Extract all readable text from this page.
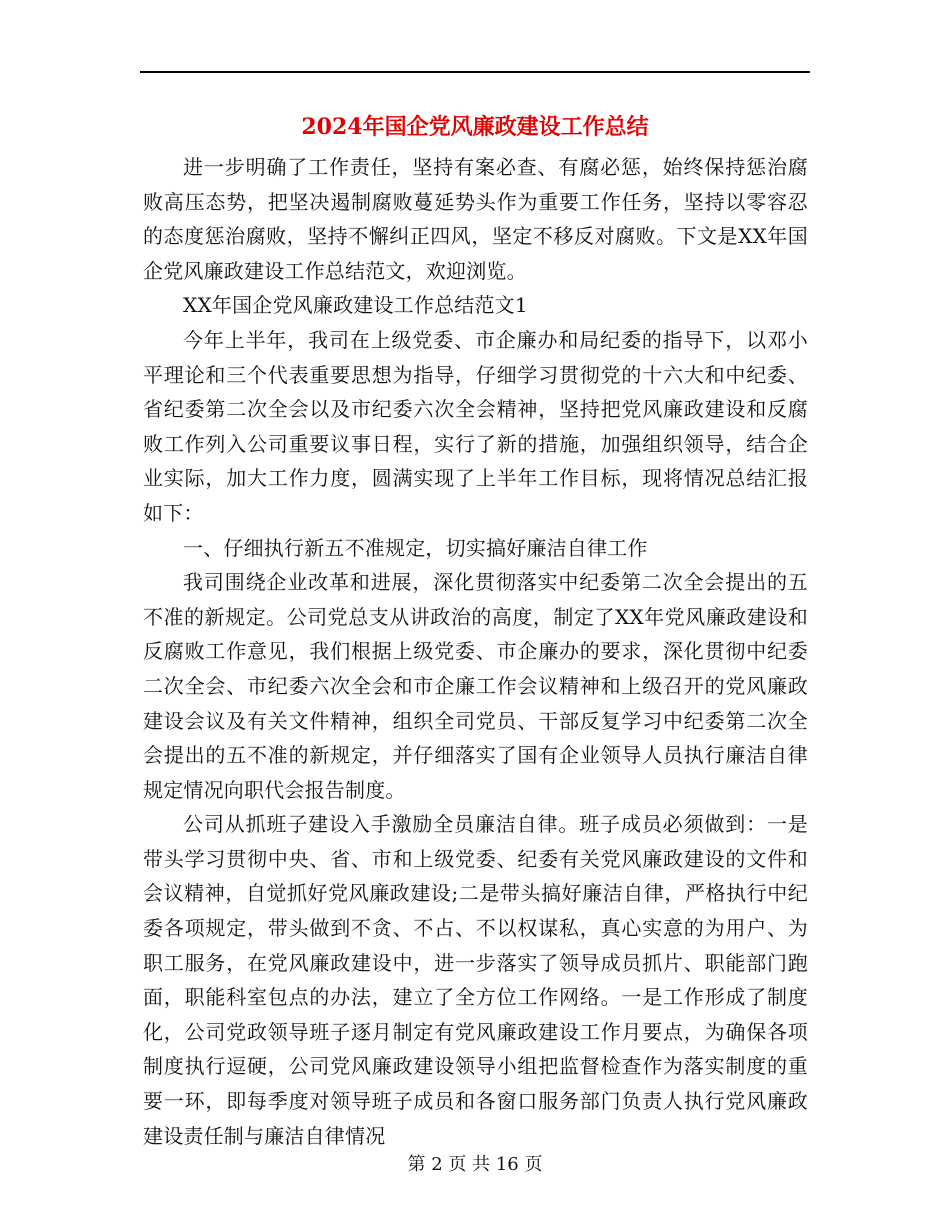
2024年国企党风廉政建设工作总结

进一步明确了工作责任，坚持有案必查、有腐必惩，始终保持惩治腐败高压态势，把坚决遏制腐败蔓延势头作为重要工作任务，坚持以零容忍的态度惩治腐败，坚持不懈纠正四风，坚定不移反对腐败。下文是XX年国企党风廉政建设工作总结范文，欢迎浏览。

XX年国企党风廉政建设工作总结范文1

今年上半年，我司在上级党委、市企廉办和局纪委的指导下，以邓小平理论和三个代表重要思想为指导，仔细学习贯彻党的十六大和中纪委、省纪委第二次全会以及市纪委六次全会精神，坚持把党风廉政建设和反腐败工作列入公司重要议事日程，实行了新的措施，加强组织领导，结合企业实际，加大工作力度，圆满实现了上半年工作目标，现将情况总结汇报如下：

一、仔细执行新五不准规定，切实搞好廉洁自律工作

我司围绕企业改革和进展，深化贯彻落实中纪委第二次全会提出的五不准的新规定。公司党总支从讲政治的高度，制定了XX年党风廉政建设和反腐败工作意见，我们根据上级党委、市企廉办的要求，深化贯彻中纪委二次全会、市纪委六次全会和市企廉工作会议精神和上级召开的党风廉政建设会议及有关文件精神，组织全司党员、干部反复学习中纪委第二次全会提出的五不准的新规定，并仔细落实了国有企业领导人员执行廉洁自律规定情况向职代会报告制度。

公司从抓班子建设入手激励全员廉洁自律。班子成员必须做到：一是带头学习贯彻中央、省、市和上级党委、纪委有关党风廉政建设的文件和会议精神，自觉抓好党风廉政建设;二是带头搞好廉洁自律，严格执行中纪委各项规定，带头做到不贪、不占、不以权谋私，真心实意的为用户、为职工服务，在党风廉政建设中，进一步落实了领导成员抓片、职能部门跑面，职能科室包点的办法，建立了全方位工作网络。一是工作形成了制度化，公司党政领导班子逐月制定有党风廉政建设工作月要点，为确保各项制度执行逗硬，公司党风廉政建设领导小组把监督检查作为落实制度的重要一环，即每季度对领导班子成员和各窗口服务部门负责人执行党风廉政建设责任制与廉洁自律情况

第 2 页 共 16 页
